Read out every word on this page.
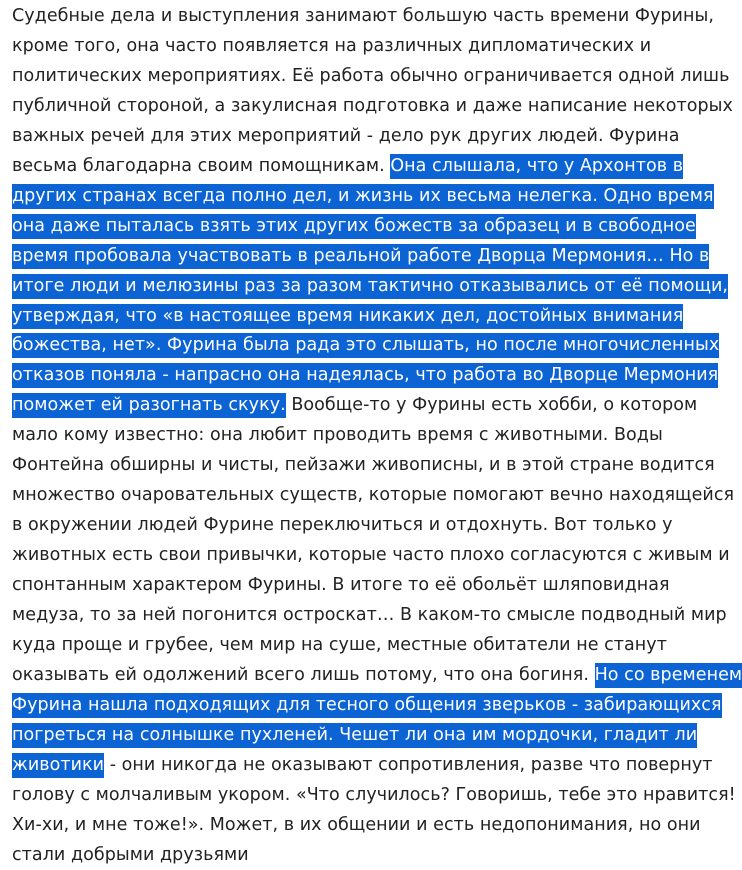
Судебные дела и выступления занимают большую часть времени Фурины,
кроме того, она часто появляется на различных дипломатических и
политических мероприятиях. Её работа обычно ограничивается одной лишь
публичной стороной, а закулисная подготовка и даже написание некоторых
важных речей для этих мероприятий - дело рук других людей. Фурина
весьма благодарна своим помощникам. Она слышала, что у Архонтов в
других странах всегда полно дел, и жизнь их весьма нелегка. Одно время
она даже пыталась взять этих других божеств за образец и в свободное
время пробовала участвовать в реальной работе Дворца Мермония… Но в
итоге люди и мелюзины раз за разом тактично отказывались от её помощи,
утверждая, что «в настоящее время никаких дел, достойных внимания
божества, нет». Фурина была рада это слышать, но после многочисленных
отказов поняла - напрасно она надеялась, что работа во Дворце Мермония
поможет ей разогнать скуку. Вообще-то у Фурины есть хобби, о котором
мало кому известно: она любит проводить время с животными. Воды
Фонтейна обширны и чисты, пейзажи живописны, и в этой стране водится
множество очаровательных существ, которые помогают вечно находящейся
в окружении людей Фурине переключиться и отдохнуть. Вот только у
животных есть свои привычки, которые часто плохо согласуются с живым и
спонтанным характером Фурины. В итоге то её обольёт шляповидная
медуза, то за ней погонится остроскат… В каком-то смысле подводный мир
куда проще и грубее, чем мир на суше, местные обитатели не станут
оказывать ей одолжений всего лишь потому, что она богиня. Но со временем
Фурина нашла подходящих для тесного общения зверьков - забирающихся
погреться на солнышке пухленей. Чешет ли она им мордочки, гладит ли
животики - они никогда не оказывают сопротивления, разве что повернут
голову с молчаливым укором. «Что случилось? Говоришь, тебе это нравится!
Хи-хи, и мне тоже!». Может, в их общении и есть недопонимания, но они
стали добрыми друзьями
